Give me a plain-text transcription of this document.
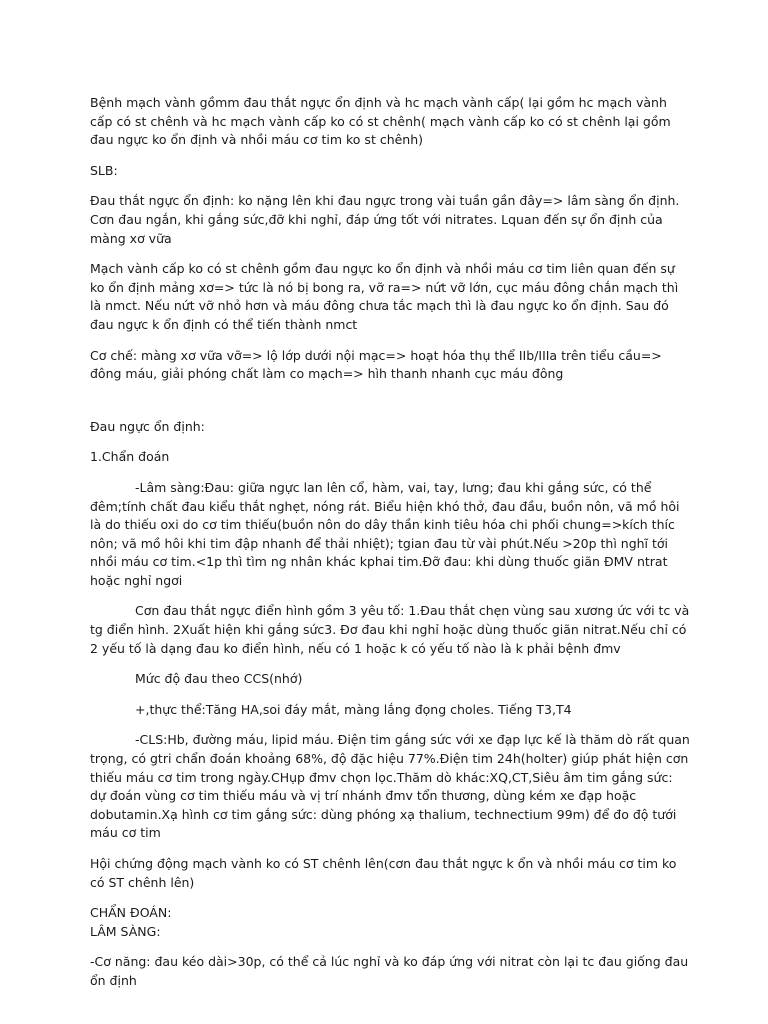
Bệnh mạch vành gồmm đau thắt ngực ổn định và hc mạch vành cấp( lại gồm hc mạch vành cấp có st chênh và hc mạch vành cấp ko có st chênh( mạch vành cấp ko có st chênh lại gồm đau ngực ko ổn định và nhồi máu cơ tim ko st chênh)

SLB:

Đau thắt ngực ổn định: ko nặng lên khi đau ngực trong vài tuần gần đây=> lâm sàng ổn định. Cơn đau ngắn, khi gắng sức,đỡ khi nghỉ, đáp ứng tốt với nitrates. Lquan đến sự ổn định của màng xơ vữa

Mạch vành cấp ko có st chênh gồm đau ngực ko ổn định và nhồi máu cơ tim liên quan đến sự ko ổn định mảng xơ=> tức là nó bị bong ra, vỡ ra=> nứt vỡ lớn, cục máu đông chắn mạch thì là nmct. Nếu nứt vỡ nhỏ hơn và máu đông chưa tắc mạch thì là đau ngực ko ổn định. Sau đó đau ngực k ổn định có thể tiến thành nmct

Cơ chế: màng xơ vữa vỡ=> lộ lớp dưới nội mạc=> hoạt hóa thụ thể IIb/IIIa trên tiểu cầu=> đông máu, giải phóng chất làm co mạch=> hìh thanh nhanh cục máu đông

Đau ngực ổn định:

1.Chẩn đoán

-Lâm sàng:Đau: giữa ngực lan lên cổ, hàm, vai, tay, lưng; đau khi gắng sức, có thể đêm;tính chất đau kiểu thắt nghẹt, nóng rát. Biểu hiện khó thở, đau đầu, buồn nôn, vã mồ hôi là do thiếu oxi do cơ tim thiếu(buồn nôn do dây thần kinh tiêu hóa chi phối chung=>kích thíc nôn; vã mồ hôi khi tim đập nhanh để thải nhiệt); tgian đau từ vài phút.Nếu >20p thì nghĩ tới nhồi máu cơ tim.<1p thì tìm ng nhân khác kphai tim.Đỡ đau: khi dùng thuốc giãn ĐMV ntrat hoặc nghỉ ngơi

Cơn đau thắt ngực điển hình gồm 3 yêu tố: 1.Đau thắt chẹn vùng sau xương ức với tc và tg điển hình. 2Xuất hiện khi gắng sức3. Đơ đau khi nghỉ hoặc dùng thuốc giãn nitrat.Nếu chỉ có 2 yếu tố là dạng đau ko điển hình, nếu có 1 hoặc k có yếu tố nào là k phải bệnh đmv

Mức độ đau theo CCS(nhớ)

+,thực thể:Tăng HA,soi đáy mắt, màng lắng đọng choles. Tiếng T3,T4

-CLS:Hb, đường máu, lipid máu. Điện tim gắng sức với xe đạp lực kế là thăm dò rất quan trọng, có gtri chẩn đoán khoảng 68%, độ đặc hiệu 77%.Điện tim 24h(holter) giúp phát hiện cơn thiếu máu cơ tim trong ngày.CHụp đmv chọn lọc.Thăm dò khác:XQ,CT,Siêu âm tim gắng sức: dự đoán vùng cơ tim thiếu máu và vị trí nhánh đmv tổn thương, dùng kém xe đạp hoặc dobutamin.Xạ hình cơ tim gắng sức: dùng phóng xạ thalium, technectium 99m) để đo độ tưới máu cơ tim

Hội chứng động mạch vành ko có ST chênh lên(cơn đau thắt ngực k ổn và nhồi máu cơ tim ko có ST chênh lên)

CHẨN ĐOÁN:

LÂM SÀNG:

-Cơ năng: đau kéo dài>30p, có thể cả lúc nghỉ và ko đáp ứng với nitrat còn lại tc đau giống đau ổn định
